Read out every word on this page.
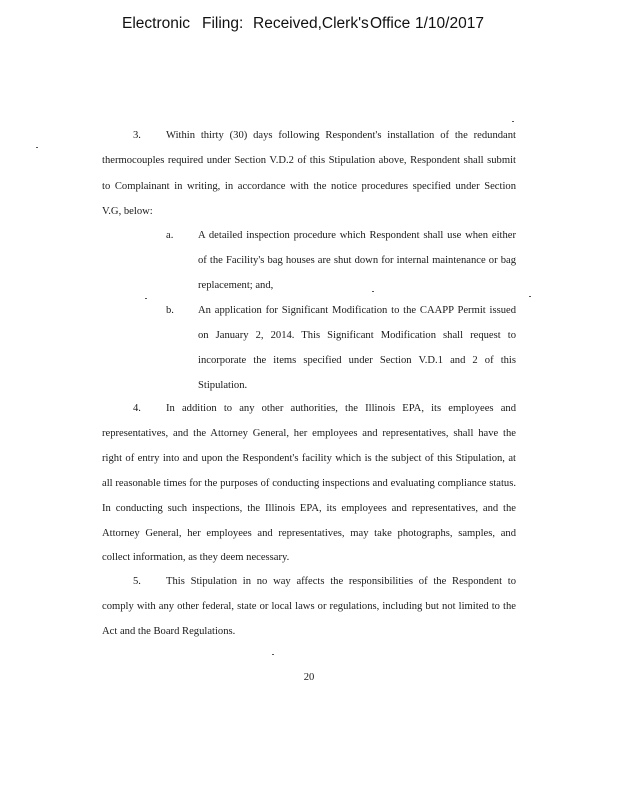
Electronic Filing: Received,Clerk's Office 1/10/2017
3. Within thirty (30) days following Respondent's installation of the redundant
thermocouples required under Section V.D.2 of this Stipulation above, Respondent shall submit
to Complainant in writing, in accordance with the notice procedures specified under Section
V.G, below:
a. A detailed inspection procedure which Respondent shall use when either
of the Facility's bag houses are shut down for internal maintenance or bag
replacement; and,
b. An application for Significant Modification to the CAAPP Permit issued
on January 2, 2014. This Significant Modification shall request to
incorporate the items specified under Section V.D.1 and 2 of this
Stipulation.
4. In addition to any other authorities, the Illinois EPA, its employees and
representatives, and the Attorney General, her employees and representatives, shall have the
right of entry into and upon the Respondent's facility which is the subject of this Stipulation, at
all reasonable times for the purposes of conducting inspections and evaluating compliance status.
In conducting such inspections, the Illinois EPA, its employees and representatives, and the
Attorney General, her employees and representatives, may take photographs, samples, and
collect information, as they deem necessary.
5. This Stipulation in no way affects the responsibilities of the Respondent to
comply with any other federal, state or local laws or regulations, including but not limited to the
Act and the Board Regulations.
20
